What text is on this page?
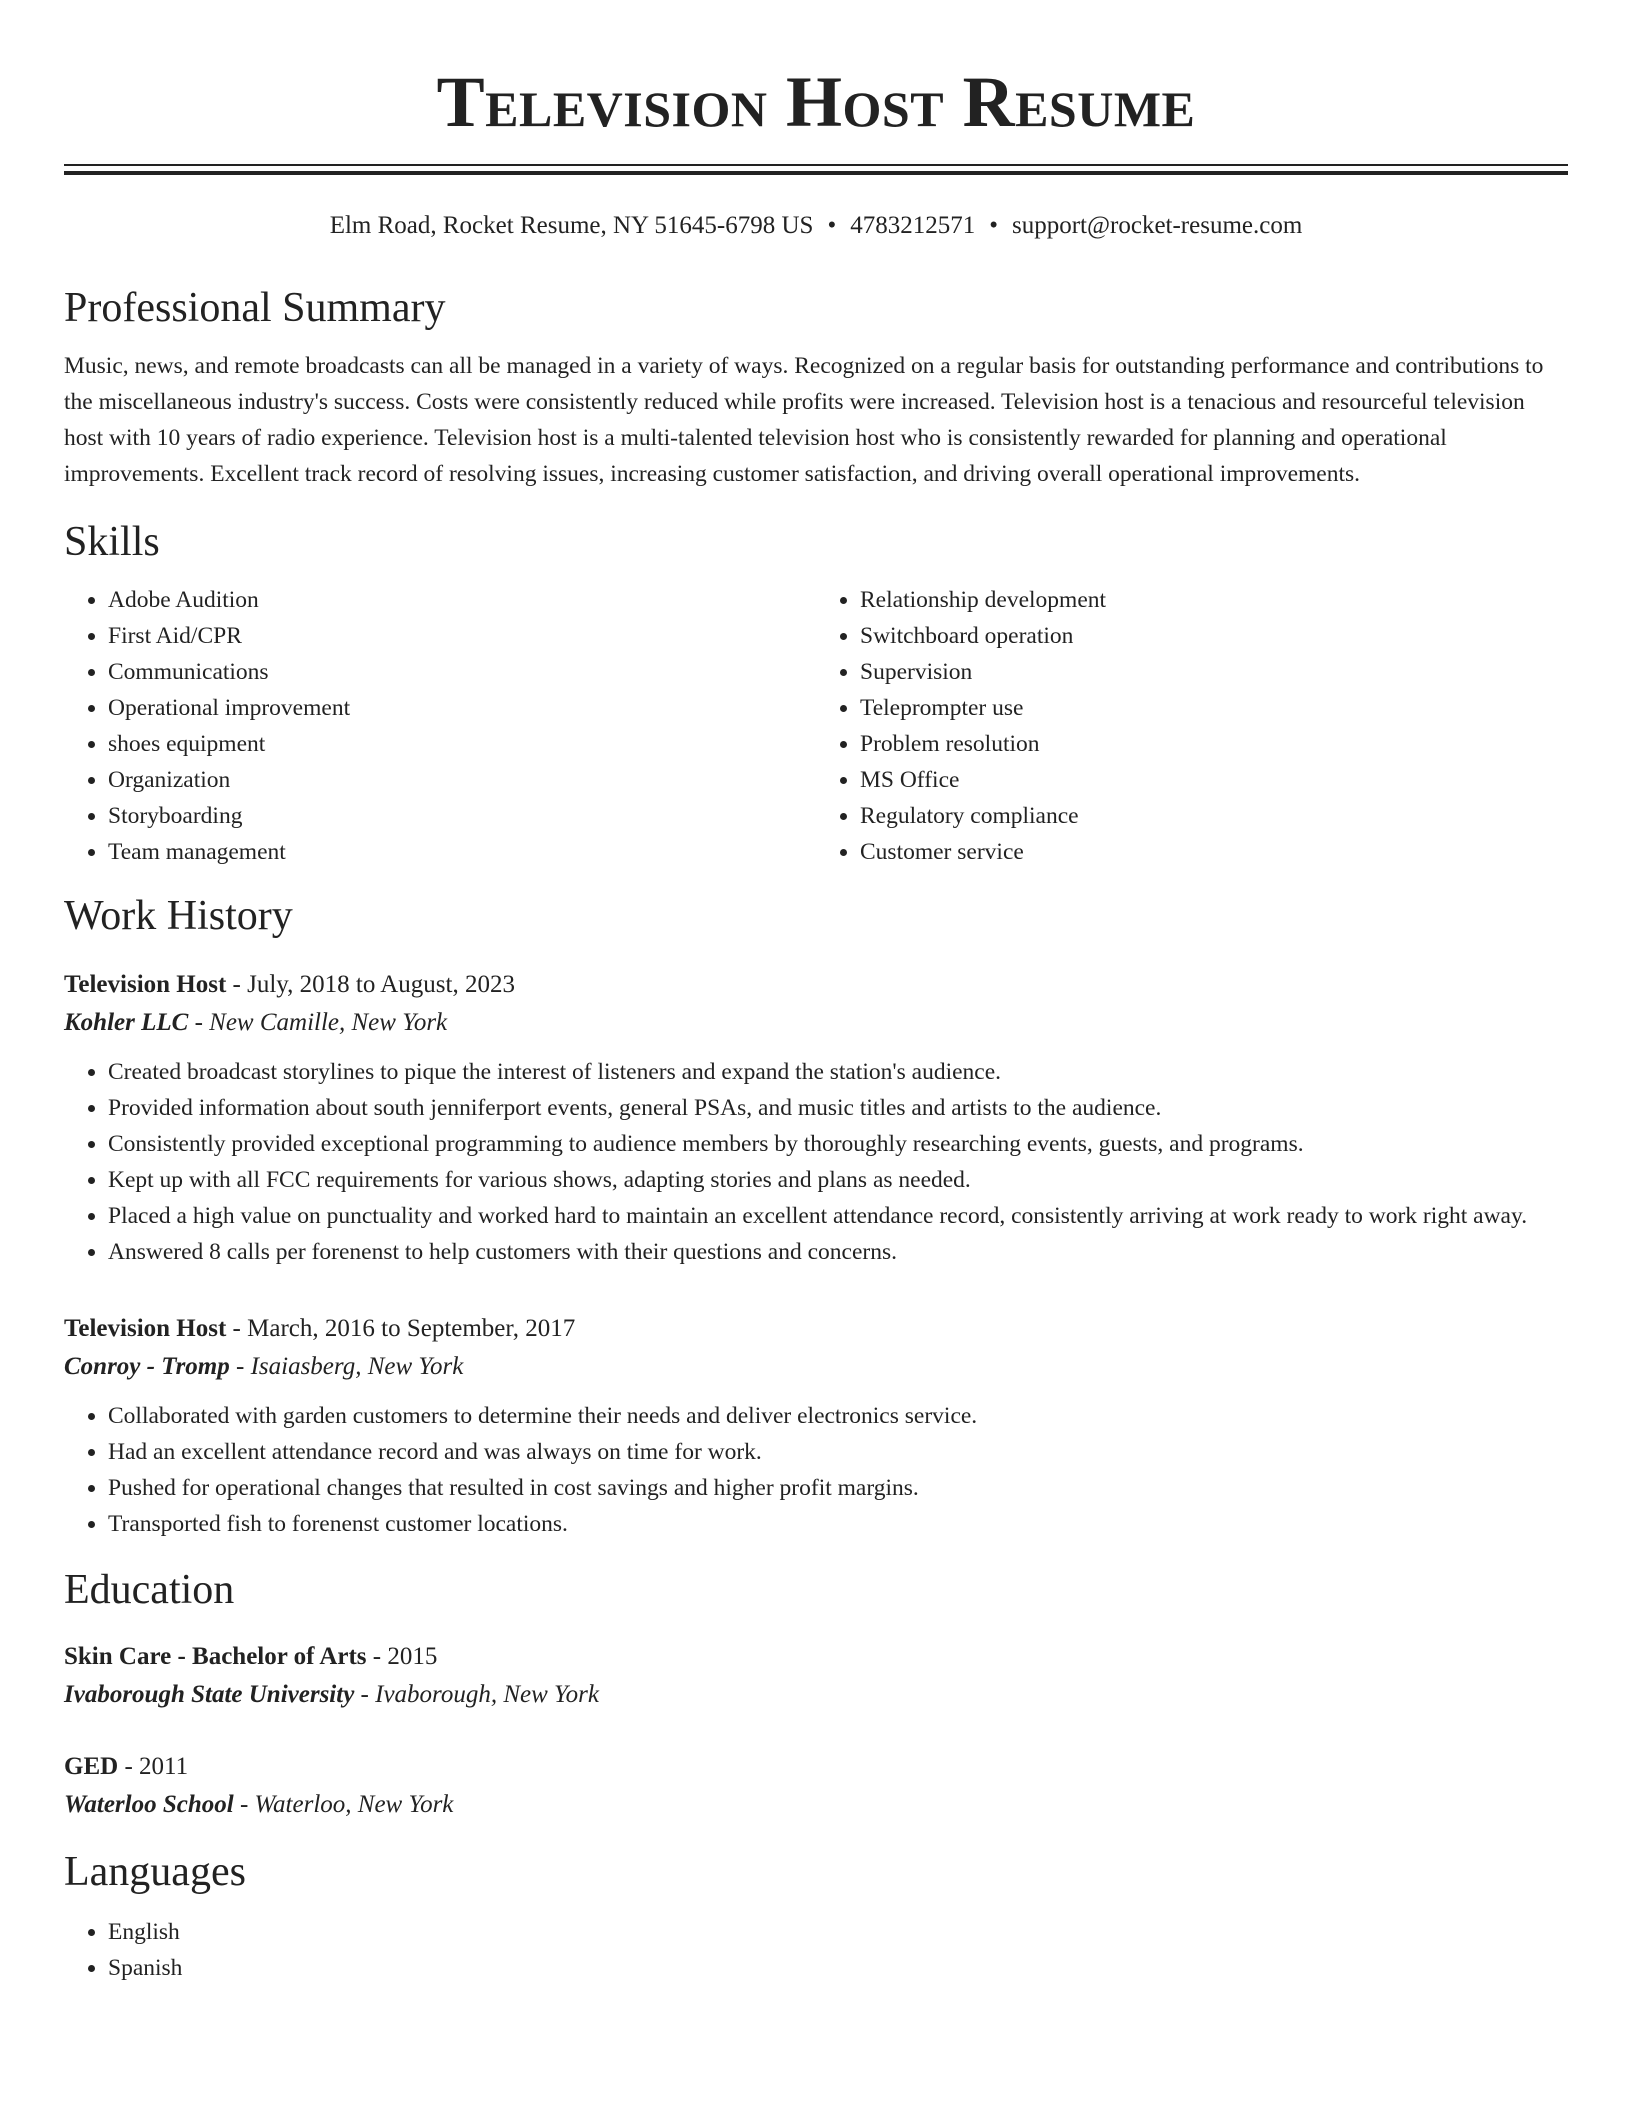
Television Host Resume
Elm Road, Rocket Resume, NY 51645-6798 US • 4783212571 • support@rocket-resume.com
Professional Summary

Music, news, and remote broadcasts can all be managed in a variety of ways. Recognized on a regular basis for outstanding performance and contributions to the miscellaneous industry's success. Costs were consistently reduced while profits were increased. Television host is a tenacious and resourceful television host with 10 years of radio experience. Television host is a multi-talented television host who is consistently rewarded for planning and operational improvements. Excellent track record of resolving issues, increasing customer satisfaction, and driving overall operational improvements.

Skills
• Adobe Audition
• First Aid/CPR
• Communications
• Operational improvement
• shoes equipment
• Organization
• Storyboarding
• Team management
• Relationship development
• Switchboard operation
• Supervision
• Teleprompter use
• Problem resolution
• MS Office
• Regulatory compliance
• Customer service
Work History
Television Host - July, 2018 to August, 2023
Kohler LLC - New Camille, New York
• Created broadcast storylines to pique the interest of listeners and expand the station's audience.
• Provided information about south jenniferport events, general PSAs, and music titles and artists to the audience.
• Consistently provided exceptional programming to audience members by thoroughly researching events, guests, and programs.
• Kept up with all FCC requirements for various shows, adapting stories and plans as needed.
• Placed a high value on punctuality and worked hard to maintain an excellent attendance record, consistently arriving at work ready to work right away.
• Answered 8 calls per forenenst to help customers with their questions and concerns.
Television Host - March, 2016 to September, 2017
Conroy - Tromp - Isaiasberg, New York
• Collaborated with garden customers to determine their needs and deliver electronics service.
• Had an excellent attendance record and was always on time for work.
• Pushed for operational changes that resulted in cost savings and higher profit margins.
• Transported fish to forenenst customer locations.
Education
Skin Care - Bachelor of Arts - 2015
Ivaborough State University - Ivaborough, New York
GED - 2011
Waterloo School - Waterloo, New York
Languages
• English
• Spanish
